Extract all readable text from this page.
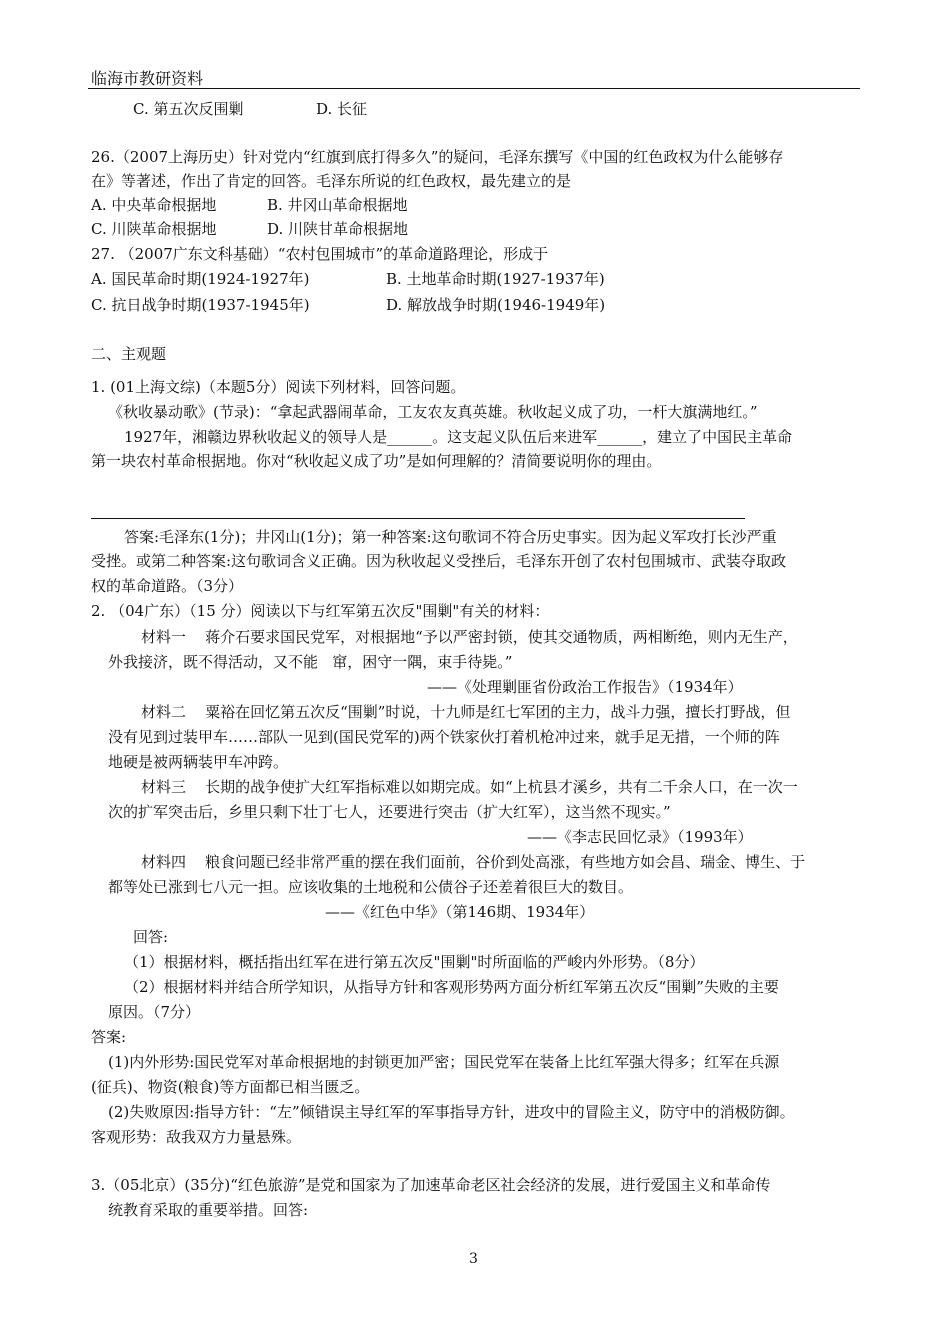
临海市教研资料
C. 第五次反围剿	D. 长征
26.（2007上海历史）针对党内“红旗到底打得多久”的疑问，毛泽东撰写《中国的红色政权为什么能够存
在》等著述，作出了肯定的回答。毛泽东所说的红色政权，最先建立的是
A. 中央革命根据地	B. 井冈山革命根据地
C. 川陕革命根据地	D. 川陕甘革命根据地
27. （2007广东文科基础）“农村包围城市”的革命道路理论，形成于
A. 国民革命时期(1924-1927年)	B. 土地革命时期(1927-1937年)
C. 抗日战争时期(1937-1945年)	D. 解放战争时期(1946-1949年)
二、主观题
1. (01上海文综)（本题5分）阅读下列材料，回答问题。
《秋收暴动歌》(节录)：“拿起武器闹革命，工友农友真英雄。秋收起义成了功，一杆大旗满地红。”
1927年，湘赣边界秋收起义的领导人是______。这支起义队伍后来进军______，建立了中国民主革命
第一块农村革命根据地。你对“秋收起义成了功”是如何理解的？清简要说明你的理由。
答案:毛泽东(1分)；井冈山(1分)；第一种答案:这句歌词不符合历史事实。因为起义军攻打长沙严重
受挫。或第二种答案:这句歌词含义正确。因为秋收起义受挫后，毛泽东开创了农村包围城市、武装夺取政
权的革命道路。（3分）
2. （04广东）（15 分）阅读以下与红军第五次反"围剿"有关的材料：
材料一    蒋介石要求国民党军，对根据地“予以严密封锁，使其交通物质，两相断绝，则内无生产，
外我接济，既不得活动，又不能   窜，困守一隅，束手待毙。”
——《处理剿匪省份政治工作报告》（1934年）
材料二    粟裕在回忆第五次反“围剿”时说，十九师是红七军团的主力，战斗力强，擅长打野战，但
没有见到过装甲车……部队一见到(国民党军的)两个铁家伙打着机枪冲过来，就手足无措，一个师的阵
地硬是被两辆装甲车冲跨。
材料三    长期的战争使扩大红军指标难以如期完成。如“上杭县才溪乡，共有二千余人口，在一次一
次的扩军突击后，乡里只剩下壮丁七人，还要进行突击（扩大红军），这当然不现实。”
——《李志民回忆录》（1993年）
材料四    粮食问题已经非常严重的摆在我们面前，谷价到处高涨，有些地方如会昌、瑞金、博生、于
都等处已涨到七八元一担。应该收集的土地税和公债谷子还差着很巨大的数目。
——《红色中华》（第146期、1934年）
回答:
（1）根据材料，概括指出红军在进行第五次反"围剿"时所面临的严峻内外形势。（8分）
（2）根据材料并结合所学知识，从指导方针和客观形势两方面分析红军第五次反“围剿”失败的主要
原因。（7分）
答案:
(1)内外形势:国民党军对革命根据地的封锁更加严密；国民党军在装备上比红军强大得多；红军在兵源
(征兵)、物资(粮食)等方面都已相当匮乏。
(2)失败原因:指导方针：“左”倾错误主导红军的军事指导方针，进攻中的冒险主义，防守中的消极防御。
客观形势：敌我双方力量悬殊。
3.（05北京）(35分)“红色旅游”是党和国家为了加速革命老区社会经济的发展，进行爱国主义和革命传
统教育采取的重要举措。回答:
3
